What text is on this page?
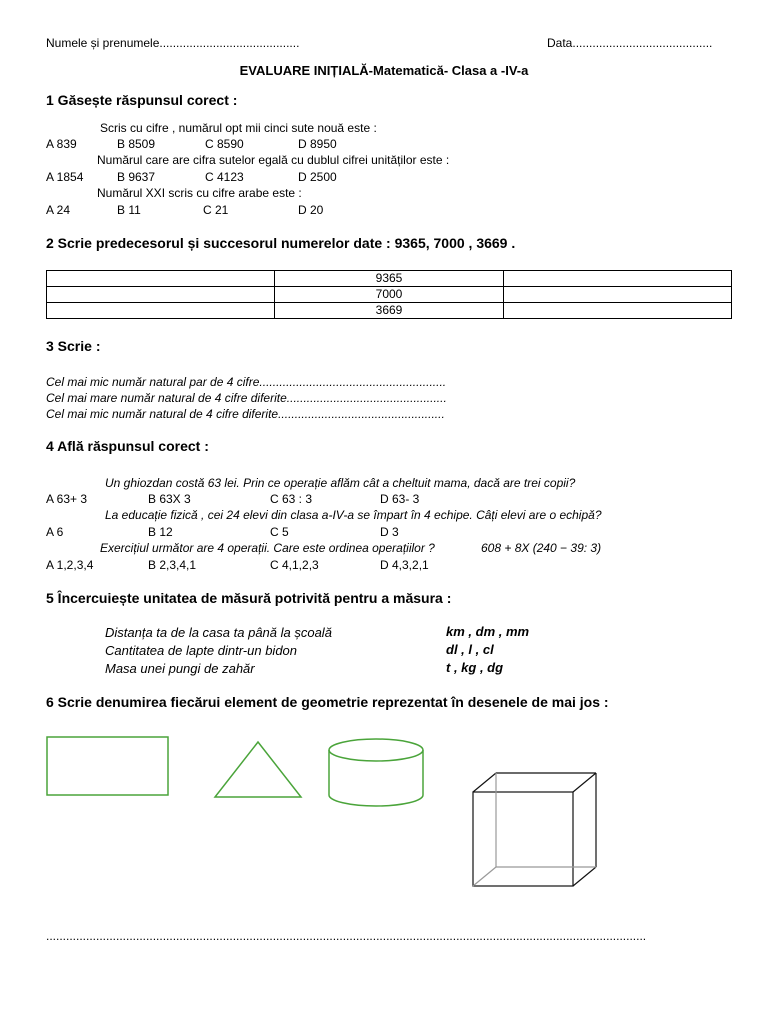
Numele și prenumele..........................................	Data..........................................
EVALUARE INIȚIALĂ-Matematică- Clasa a -IV-a
1 Găsește răspunsul corect :
Scris cu cifre , numărul opt mii cinci sute nouă este :
A 839	B 8509	C 8590	D 8950
Numărul care are cifra sutelor egală cu dublul cifrei unităților este :
A 1854	B 9637	C 4123	D 2500
Numărul XXI scris cu cifre arabe este :
A 24	B 11	C 21	D 20
2 Scrie predecesorul și succesorul numerelor date : 9365, 7000 , 3669 .
	9365	
	7000	
	3669	
3 Scrie :
Cel mai mic număr natural par de 4 cifre........................................................
Cel mai mare număr natural de 4 cifre diferite................................................
Cel mai mic număr natural de 4 cifre diferite..................................................
4 Află răspunsul corect :
Un ghiozdan costă 63 lei. Prin ce operație aflăm cât a cheltuit mama, dacă are trei copii?
A 63+ 3	B 63X 3	C 63 : 3	D 63- 3
La educație fizică , cei 24 elevi din clasa a-IV-a se împart în 4 echipe. Câți elevi are o echipă?
A 6	B 12	C 5	D 3
Exercițiul următor are 4 operații. Care este ordinea operațiilor ?	608 + 8X (240 − 39: 3)
A 1,2,3,4	B 2,3,4,1	C 4,1,2,3	D 4,3,2,1
5 Încercuiește unitatea de măsură potrivită pentru a măsura :
Distanța ta de la casa ta până la școală	km , dm , mm
Cantitatea de lapte dintr-un bidon	dl , l , cl
Masa unei pungi de zahăr	t , kg , dg
6 Scrie denumirea fiecărui element de geometrie reprezentat în desenele de mai jos :
....................................................................................................................................................................................
